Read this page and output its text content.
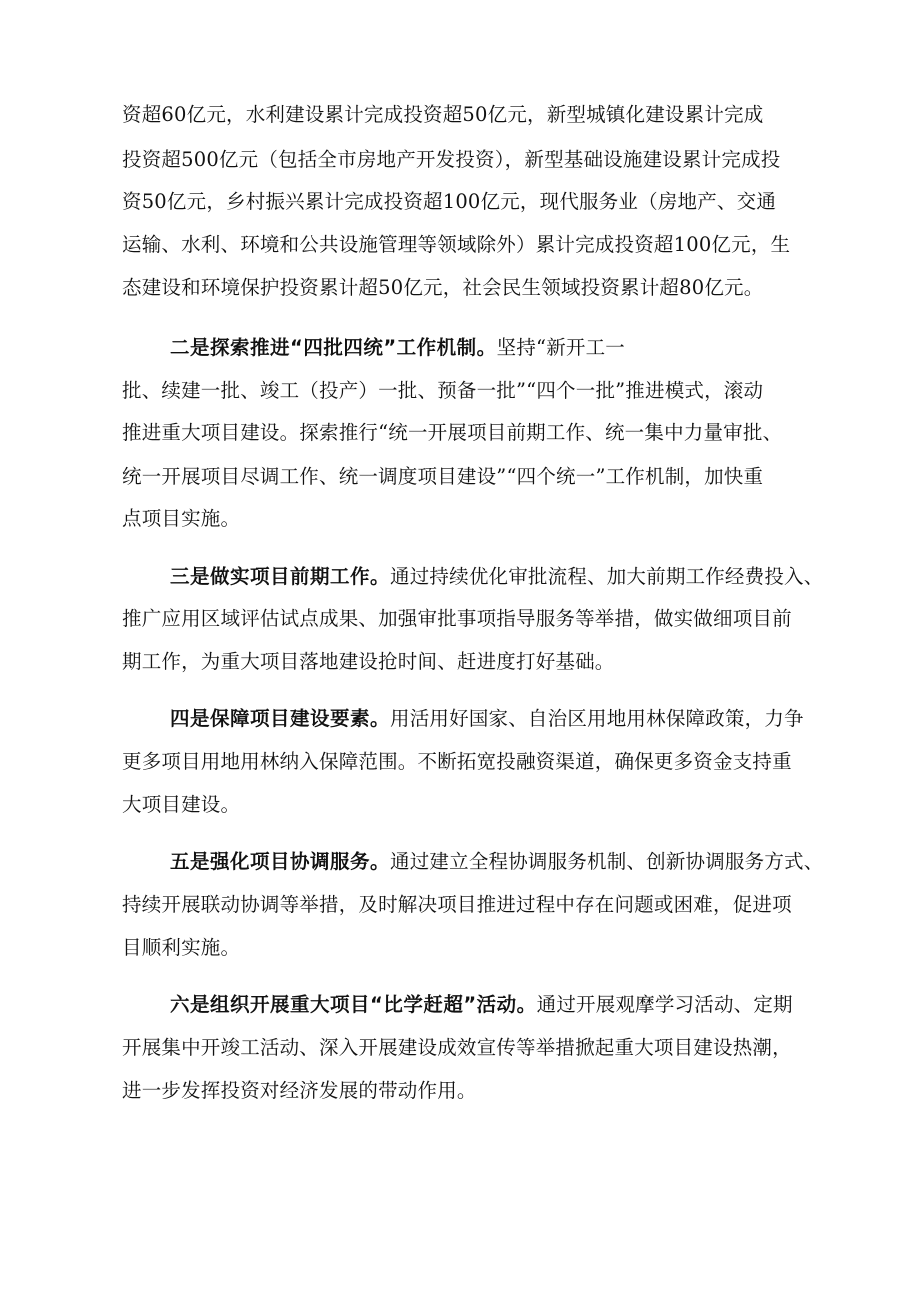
资超60亿元，水利建设累计完成投资超50亿元，新型城镇化建设累计完成
投资超500亿元（包括全市房地产开发投资），新型基础设施建设累计完成投
资50亿元，乡村振兴累计完成投资超100亿元，现代服务业（房地产、交通
运输、水利、环境和公共设施管理等领域除外）累计完成投资超100亿元，生
态建设和环境保护投资累计超50亿元，社会民生领域投资累计超80亿元。
二是探索推进“四批四统”工作机制。坚持“新开工一
批、续建一批、竣工（投产）一批、预备一批”“四个一批”推进模式，滚动
推进重大项目建设。探索推行“统一开展项目前期工作、统一集中力量审批、
统一开展项目尽调工作、统一调度项目建设”“四个统一”工作机制，加快重
点项目实施。
三是做实项目前期工作。通过持续优化审批流程、加大前期工作经费投入、
推广应用区域评估试点成果、加强审批事项指导服务等举措，做实做细项目前
期工作，为重大项目落地建设抢时间、赶进度打好基础。
四是保障项目建设要素。用活用好国家、自治区用地用林保障政策，力争
更多项目用地用林纳入保障范围。不断拓宽投融资渠道，确保更多资金支持重
大项目建设。
五是强化项目协调服务。通过建立全程协调服务机制、创新协调服务方式、
持续开展联动协调等举措，及时解决项目推进过程中存在问题或困难，促进项
目顺利实施。
六是组织开展重大项目“比学赶超”活动。通过开展观摩学习活动、定期
开展集中开竣工活动、深入开展建设成效宣传等举措掀起重大项目建设热潮，
进一步发挥投资对经济发展的带动作用。
